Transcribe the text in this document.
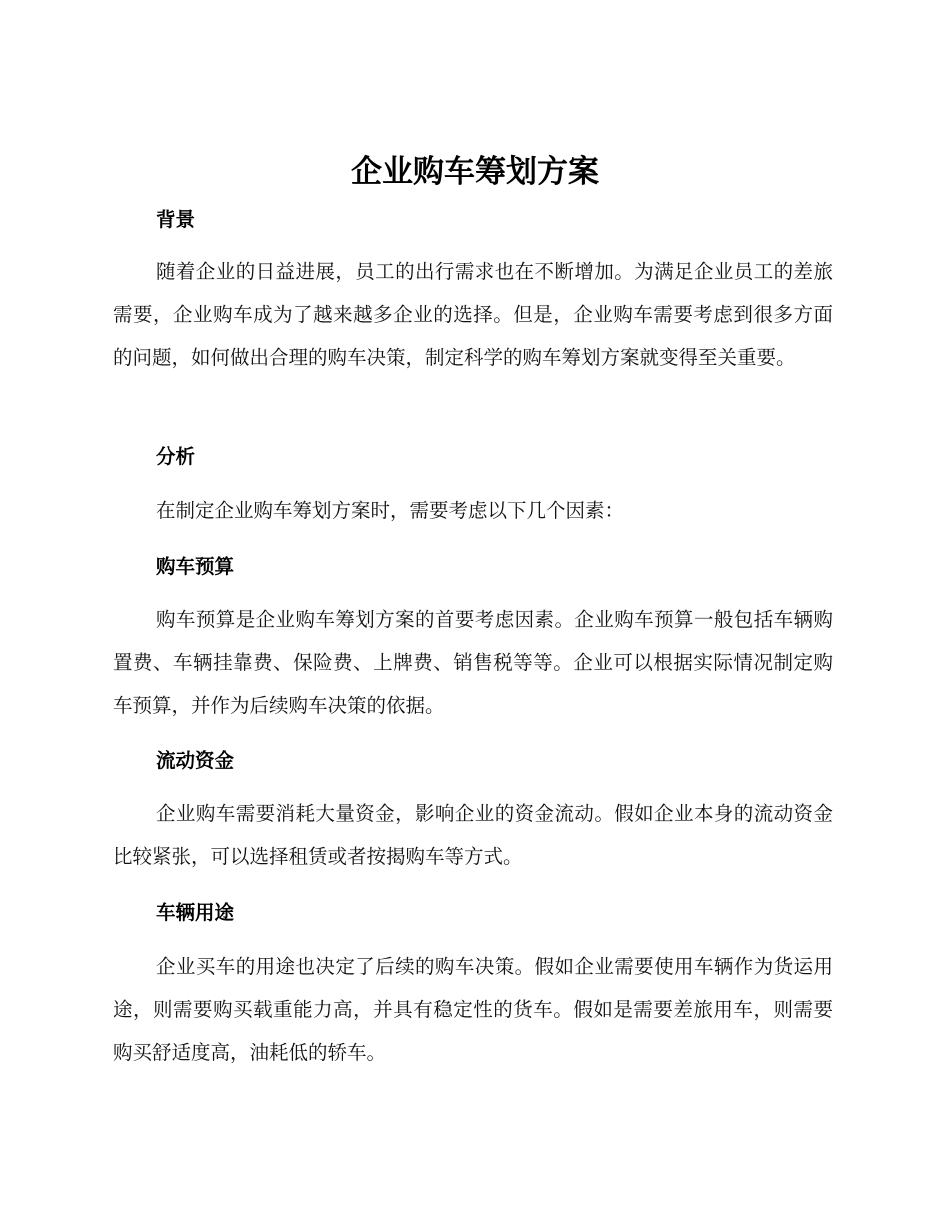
企业购车筹划方案
背景

随着企业的日益进展，员工的出行需求也在不断增加。为满足企业员工的差旅需要，企业购车成为了越来越多企业的选择。但是，企业购车需要考虑到很多方面的问题，如何做出合理的购车决策，制定科学的购车筹划方案就变得至关重要。

分析

在制定企业购车筹划方案时，需要考虑以下几个因素：

购车预算

购车预算是企业购车筹划方案的首要考虑因素。企业购车预算一般包括车辆购置费、车辆挂靠费、保险费、上牌费、销售税等等。企业可以根据实际情况制定购车预算，并作为后续购车决策的依据。

流动资金

企业购车需要消耗大量资金，影响企业的资金流动。假如企业本身的流动资金比较紧张，可以选择租赁或者按揭购车等方式。

车辆用途

企业买车的用途也决定了后续的购车决策。假如企业需要使用车辆作为货运用途，则需要购买载重能力高，并具有稳定性的货车。假如是需要差旅用车，则需要购买舒适度高，油耗低的轿车。
